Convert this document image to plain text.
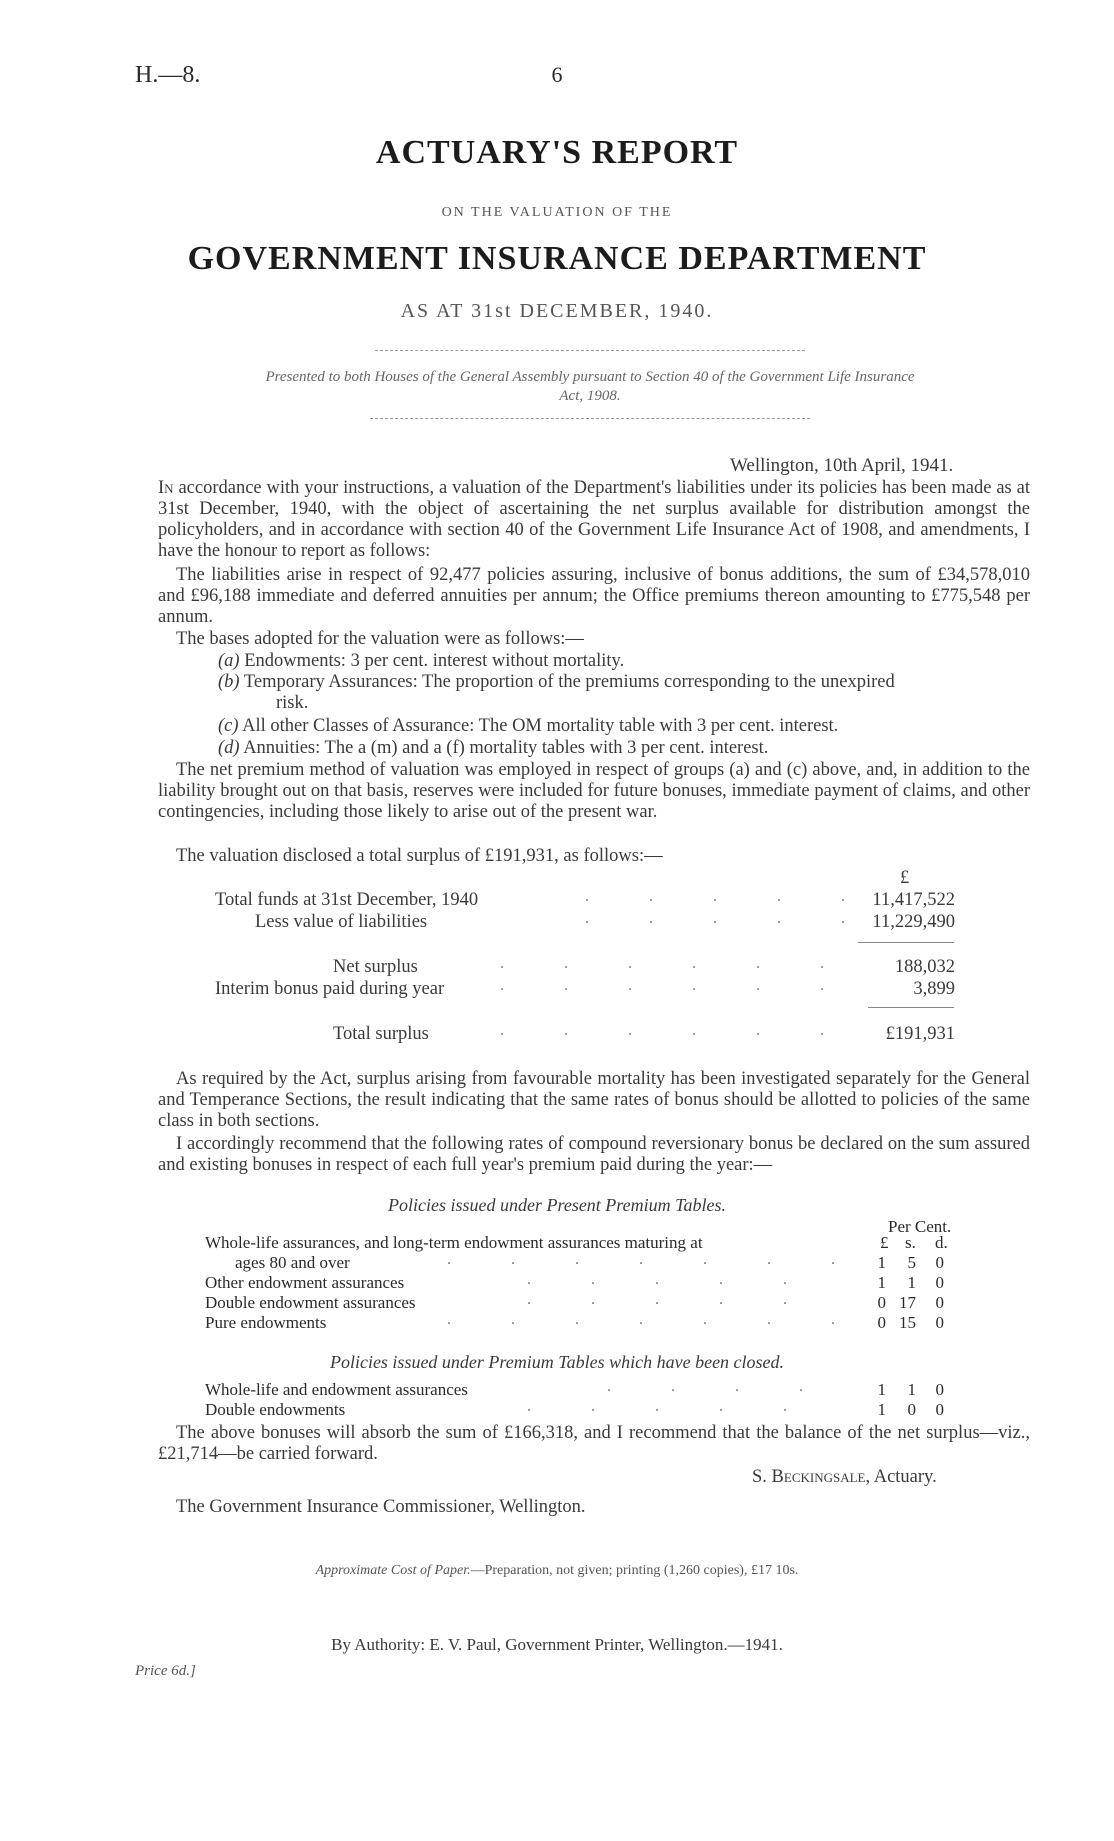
H.—8.	6
ACTUARY'S REPORT
ON THE VALUATION OF THE
GOVERNMENT INSURANCE DEPARTMENT
AS AT 31st DECEMBER, 1940.
Presented to both Houses of the General Assembly pursuant to Section 40 of the Government Life Insurance
Act, 1908.
Wellington, 10th April, 1941.
In accordance with your instructions, a valuation of the Department's liabilities under its policies has been made as at 31st December, 1940, with the object of ascertaining the net surplus available for distribution amongst the policyholders, and in accordance with section 40 of the Government Life Insurance Act of 1908, and amendments, I have the honour to report as follows:
The liabilities arise in respect of 92,477 policies assuring, inclusive of bonus additions, the sum of £34,578,010 and £96,188 immediate and deferred annuities per annum; the Office premiums thereon amounting to £775,548 per annum.
The bases adopted for the valuation were as follows:—
(a) Endowments: 3 per cent. interest without mortality.
(b) Temporary Assurances: The proportion of the premiums corresponding to the unexpired
risk.
(c) All other Classes of Assurance: The OM mortality table with 3 per cent. interest.
(d) Annuities: The a (m) and a (f) mortality tables with 3 per cent. interest.
The net premium method of valuation was employed in respect of groups (a) and (c) above, and, in addition to the liability brought out on that basis, reserves were included for future bonuses, immediate payment of claims, and other contingencies, including those likely to arise out of the present war.
The valuation disclosed a total surplus of £191,931, as follows:—
£
Total funds at 31st December, 1940	. . . . . 11,417,522
Less value of liabilities	. . . . . 11,229,490
Net surplus	. . . . . .	188,032
Interim bonus paid during year	. . . . . .	3,899
Total surplus	. . . . . .	£191,931
As required by the Act, surplus arising from favourable mortality has been investigated separately for the General and Temperance Sections, the result indicating that the same rates of bonus should be allotted to policies of the same class in both sections.
I accordingly recommend that the following rates of compound reversionary bonus be declared on the sum assured and existing bonuses in respect of each full year's premium paid during the year:—
Policies issued under Present Premium Tables.
Per Cent.
£ s. d.
Whole-life assurances, and long-term endowment assurances maturing at
ages 80 and over	. . . . . . . 1	5	0
Other endowment assurances	. . . . .	1	1	0
Double endowment assurances	. . . . .	0 17	0
Pure endowments	. . . . . . . 0 15	0
Policies issued under Premium Tables which have been closed.
Whole-life and endowment assurances	. . . .	1	1	0
Double endowments	. . . . .	1	0	0
The above bonuses will absorb the sum of £166,318, and I recommend that the balance of the net surplus—viz., £21,714—be carried forward.
S. Beckingsale, Actuary.
The Government Insurance Commissioner, Wellington.
Approximate Cost of Paper.—Preparation, not given; printing (1,260 copies), £17 10s.
By Authority: E. V. Paul, Government Printer, Wellington.—1941.
Price 6d.]
